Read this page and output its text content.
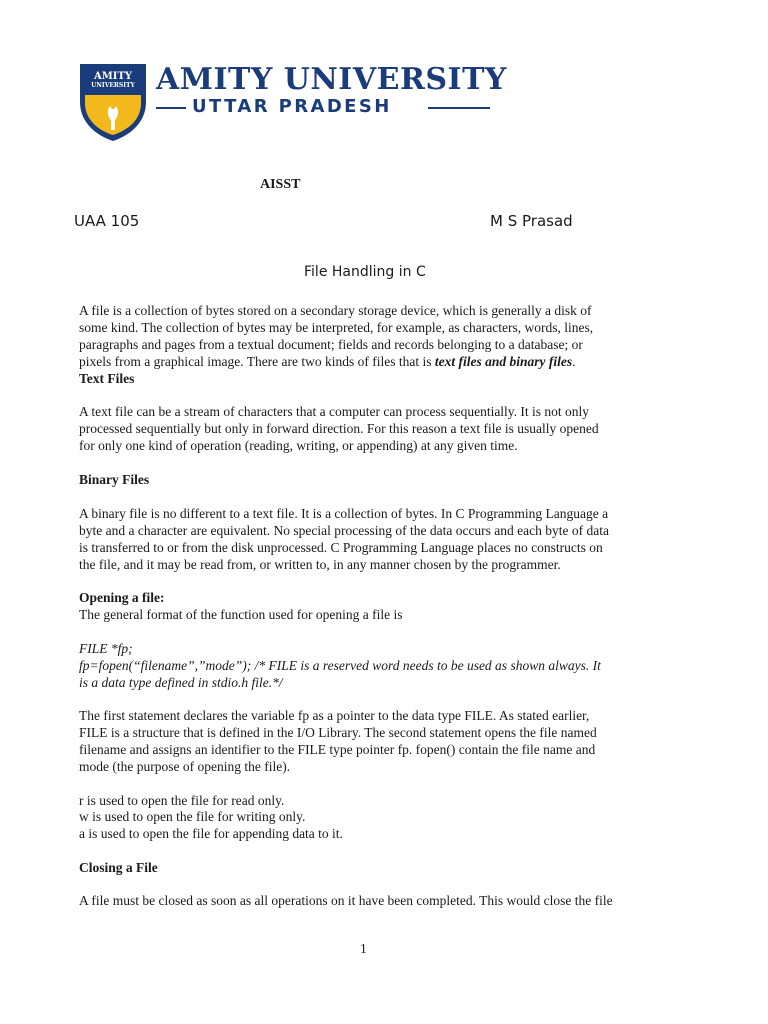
AMITY
UNIVERSITY AMITY UNIVERSITY
UTTAR PRADESH
AISST
UAA 105	M S Prasad
File Handling in C
A file is a collection of bytes stored on a secondary storage device, which is generally a disk of
some kind. The collection of bytes may be interpreted, for example, as characters, words, lines,
paragraphs and pages from a textual document; fields and records belonging to a database; or
pixels from a graphical image. There are two kinds of files that is text files and binary files.
Text Files
A text file can be a stream of characters that a computer can process sequentially. It is not only
processed sequentially but only in forward direction. For this reason a text file is usually opened
for only one kind of operation (reading, writing, or appending) at any given time.
Binary Files
A binary file is no different to a text file. It is a collection of bytes. In C Programming Language a
byte and a character are equivalent. No special processing of the data occurs and each byte of data
is transferred to or from the disk unprocessed. C Programming Language places no constructs on
the file, and it may be read from, or written to, in any manner chosen by the programmer.
Opening a file:
The general format of the function used for opening a file is
FILE *fp;
fp=fopen(“filename”,”mode”); /* FILE is a reserved word needs to be used as shown always. It
is a data type defined in stdio.h file.*/
The first statement declares the variable fp as a pointer to the data type FILE. As stated earlier,
FILE is a structure that is defined in the I/O Library. The second statement opens the file named
filename and assigns an identifier to the FILE type pointer fp. fopen() contain the file name and
mode (the purpose of opening the file).
r is used to open the file for read only.
w is used to open the file for writing only.
a is used to open the file for appending data to it.
Closing a File
A file must be closed as soon as all operations on it have been completed. This would close the file
1
